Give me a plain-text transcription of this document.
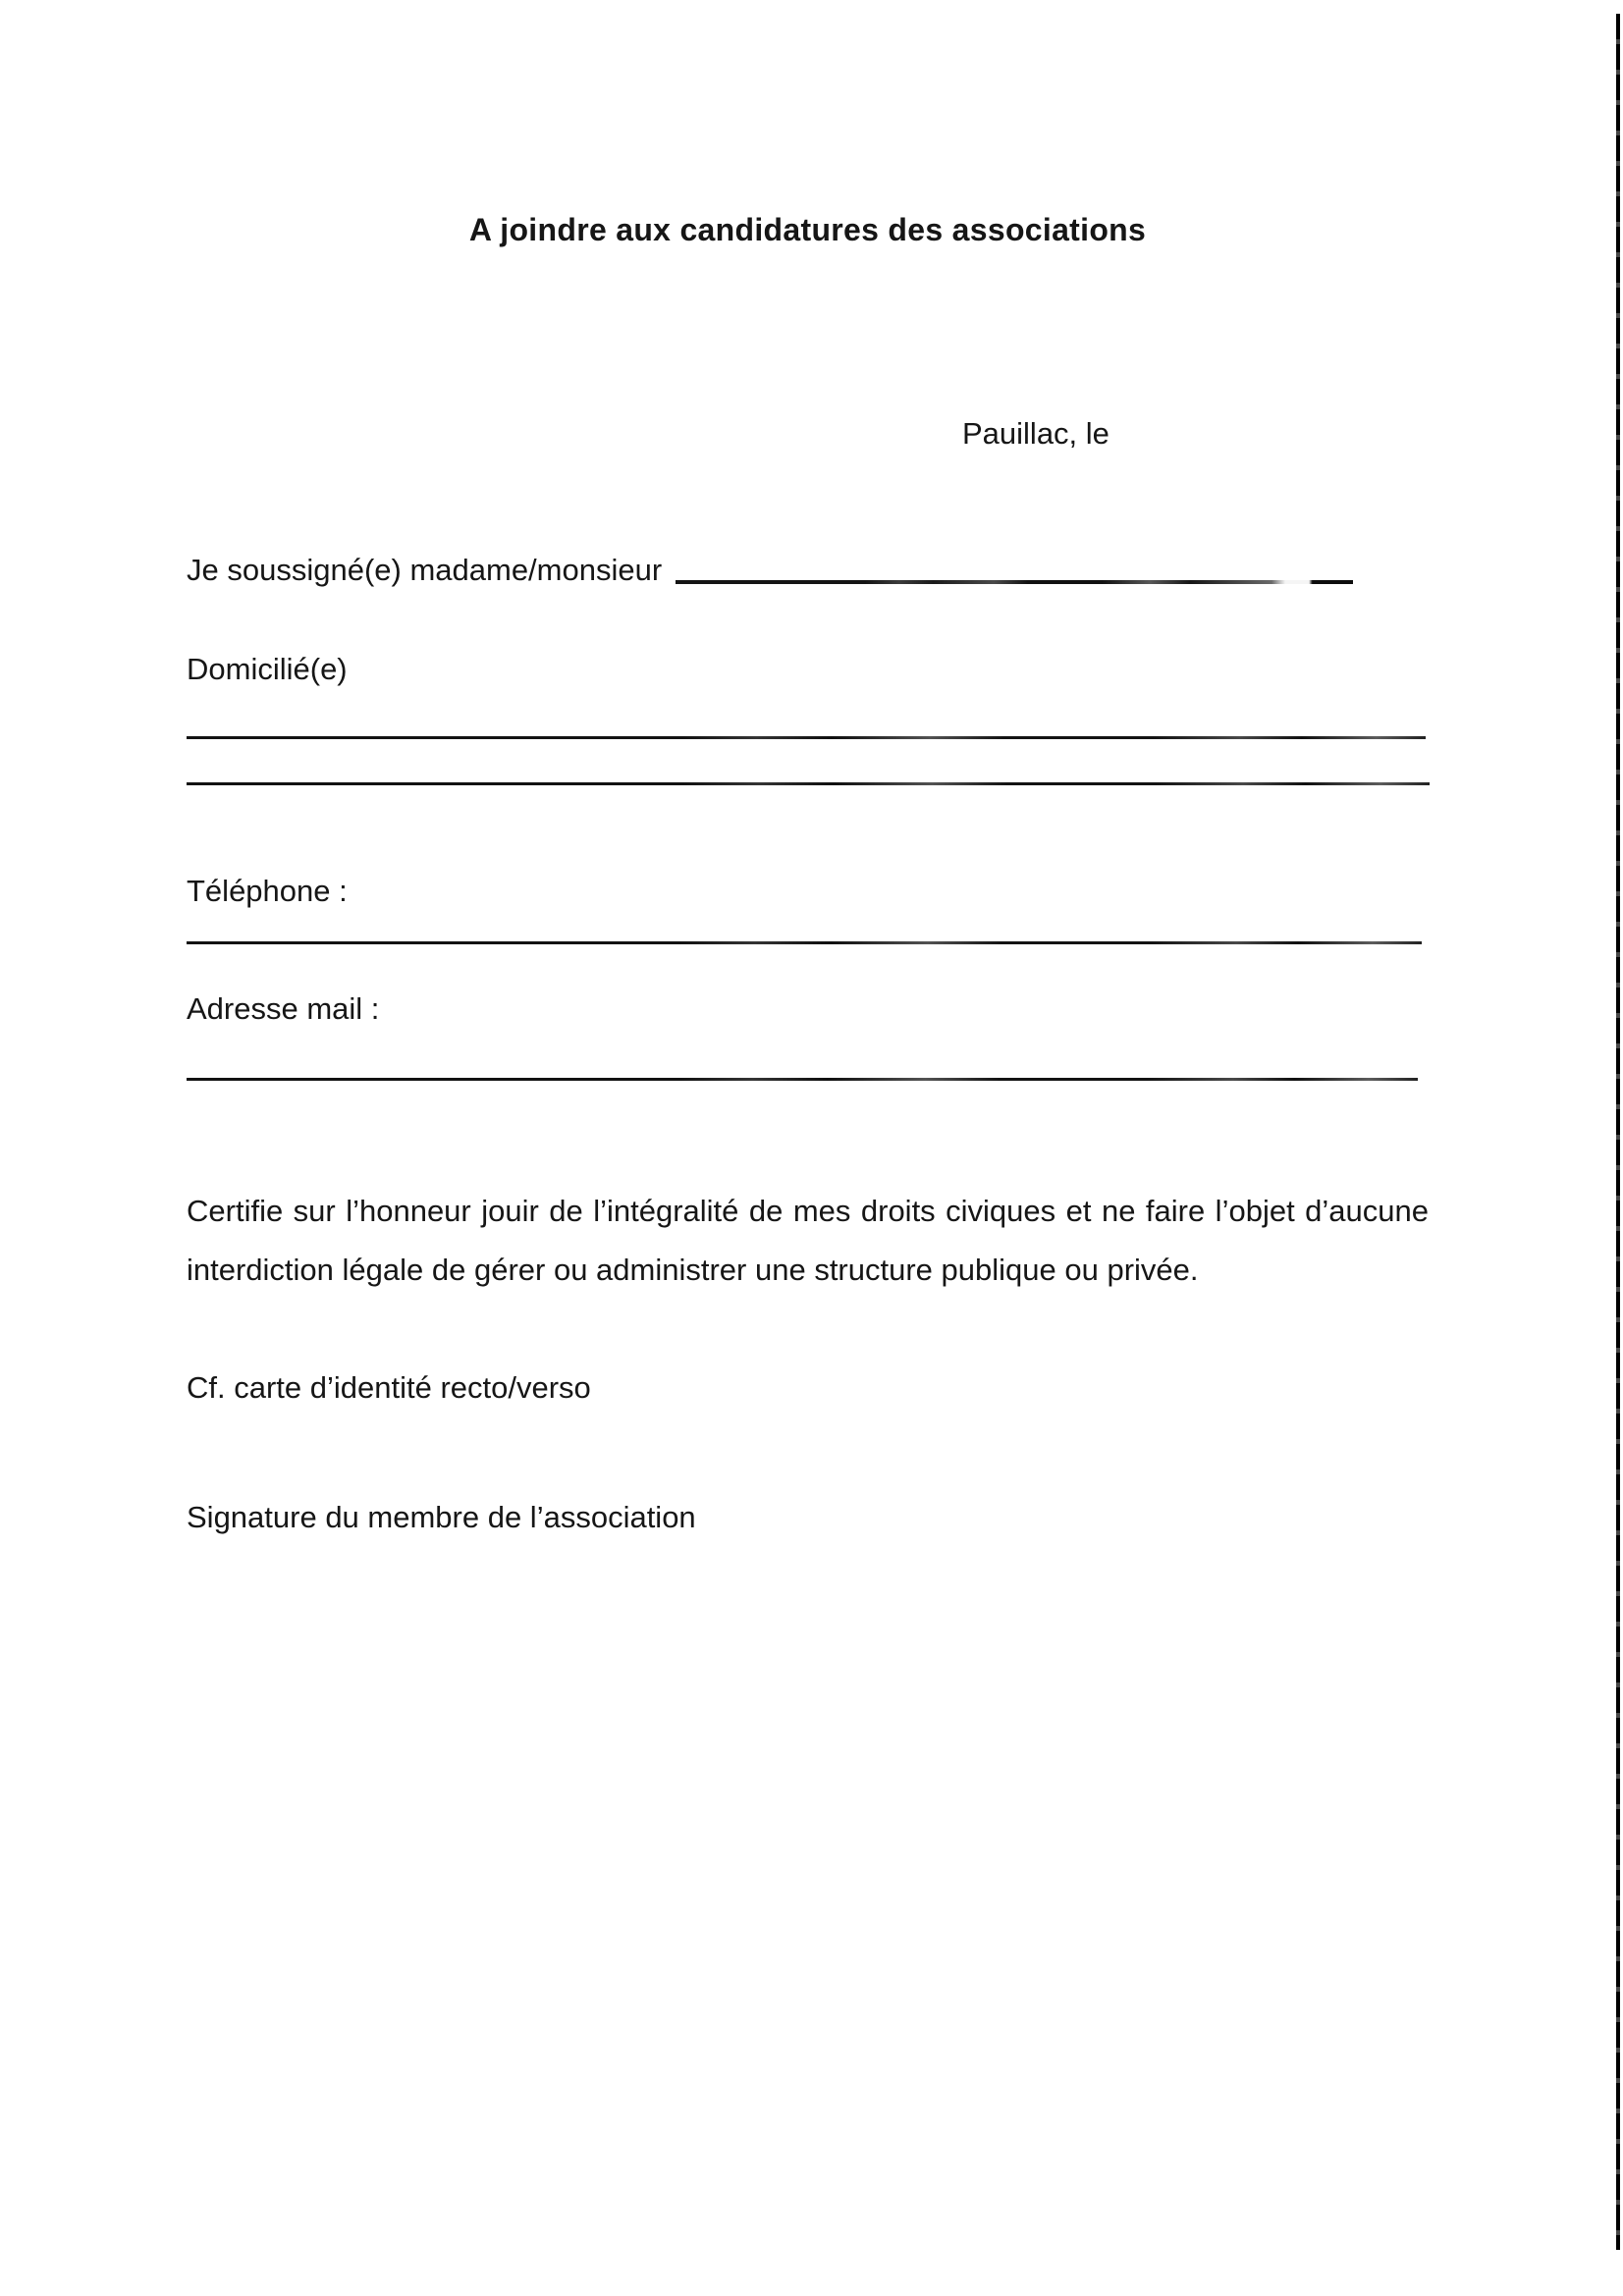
A joindre aux candidatures des associations
Pauillac, le
Je soussigné(e) madame/monsieur
Domicilié(e)
Téléphone :
Adresse mail :
Certifie sur l’honneur jouir de l’intégralité de mes droits civiques et ne faire l’objet d’aucune interdiction légale de gérer ou administrer une structure publique ou privée.
Cf. carte d’identité recto/verso
Signature du membre de l’association
